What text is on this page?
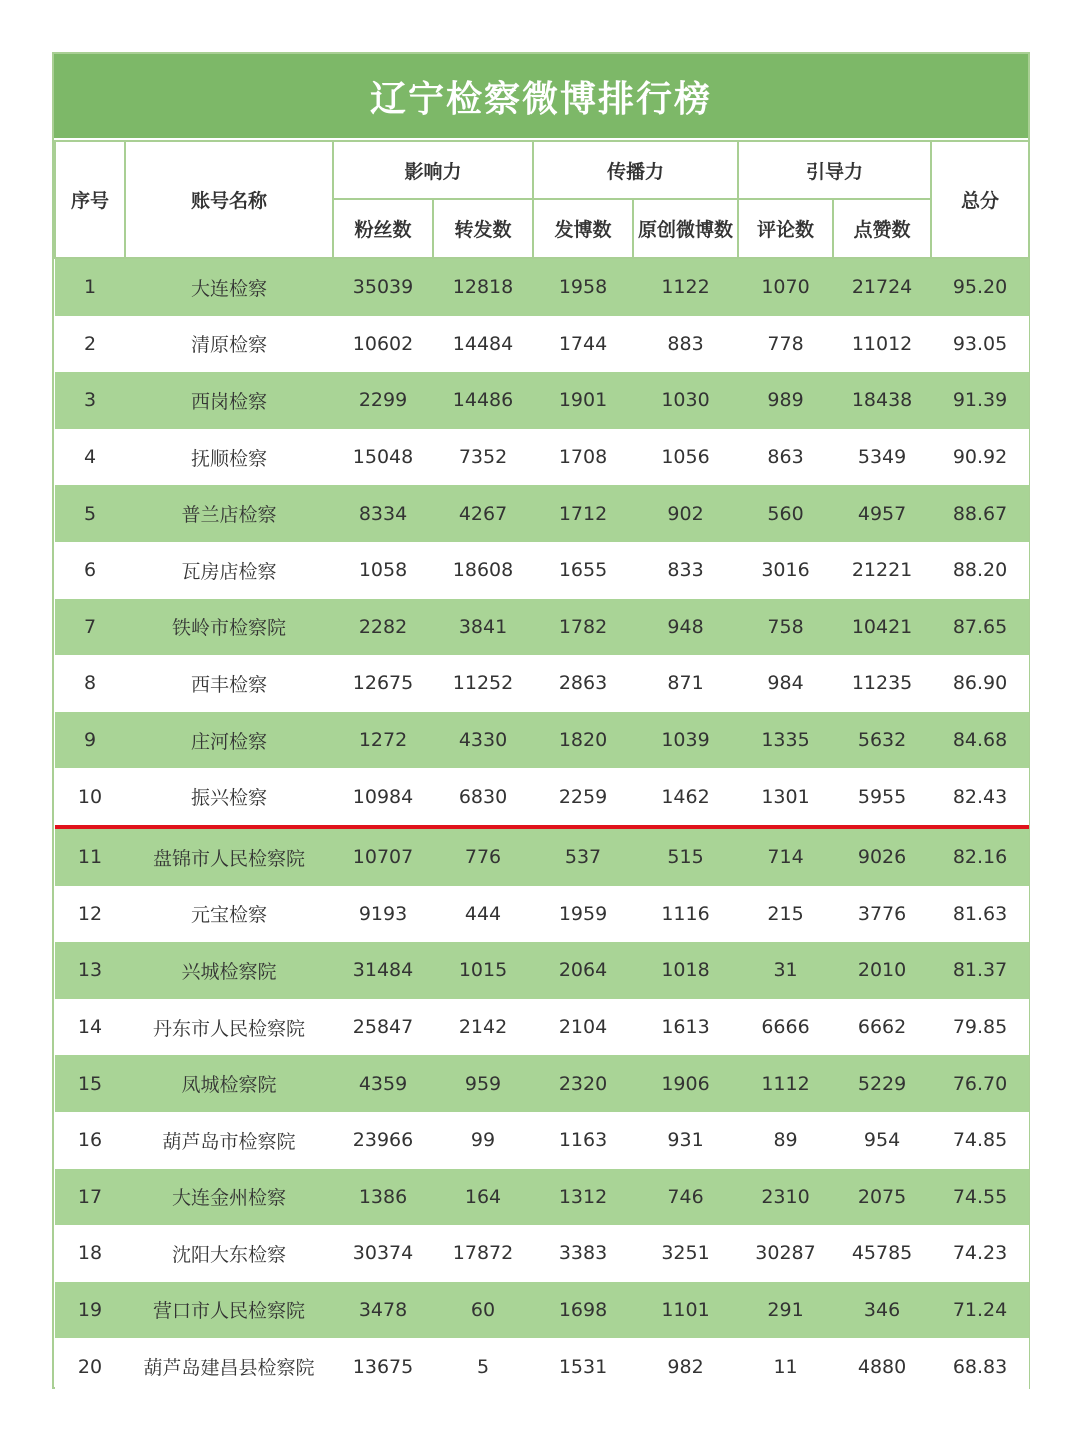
辽宁检察微博排行榜
序号	账号名称	影响力		传播力		引导力		总分
		粉丝数	转发数	发博数	原创微博数	评论数	点赞数	
1	大连检察	35039	12818	1958	1122	1070	21724	95.20
2	清原检察	10602	14484	1744	883	778	11012	93.05
3	西岗检察	2299	14486	1901	1030	989	18438	91.39
4	抚顺检察	15048	7352	1708	1056	863	5349	90.92
5	普兰店检察	8334	4267	1712	902	560	4957	88.67
6	瓦房店检察	1058	18608	1655	833	3016	21221	88.20
7	铁岭市检察院	2282	3841	1782	948	758	10421	87.65
8	西丰检察	12675	11252	2863	871	984	11235	86.90
9	庄河检察	1272	4330	1820	1039	1335	5632	84.68
10	振兴检察	10984	6830	2259	1462	1301	5955	82.43
11	盘锦市人民检察院	10707	776	537	515	714	9026	82.16
12	元宝检察	9193	444	1959	1116	215	3776	81.63
13	兴城检察院	31484	1015	2064	1018	31	2010	81.37
14	丹东市人民检察院	25847	2142	2104	1613	6666	6662	79.85
15	凤城检察院	4359	959	2320	1906	1112	5229	76.70
16	葫芦岛市检察院	23966	99	1163	931	89	954	74.85
17	大连金州检察	1386	164	1312	746	2310	2075	74.55
18	沈阳大东检察	30374	17872	3383	3251	30287	45785	74.23
19	营口市人民检察院	3478	60	1698	1101	291	346	71.24
20	葫芦岛建昌县检察院	13675	5	1531	982	11	4880	68.83
